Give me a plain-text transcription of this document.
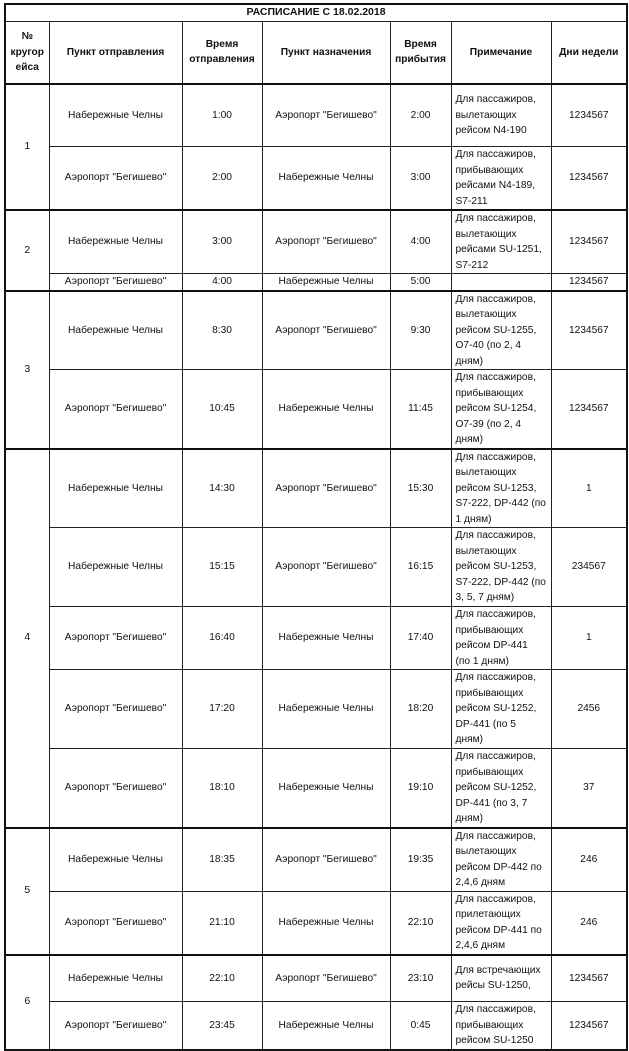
РАСПИСАНИЕ С 18.02.2018						
№
кругор
ейса	Пункт отправления	Время
отправления	Пункт назначения	Время
прибытия	Примечание	Дни недели
1	Набережные Челны	1:00	Аэропорт "Бегишево"	2:00	Для пассажиров,
вылетающих
рейсом N4-190	1234567
	Аэропорт "Бегишево"	2:00	Набережные Челны	3:00	Для пассажиров,
прибывающих
рейсами N4-189,
S7-211	1234567
2	Набережные Челны	3:00	Аэропорт "Бегишево"	4:00	Для пассажиров,
вылетающих
рейсами SU-1251,
S7-212	1234567
	Аэропорт "Бегишево"	4:00	Набережные Челны	5:00		1234567
3	Набережные Челны	8:30	Аэропорт "Бегишево"	9:30	Для пассажиров,
вылетающих
рейсом SU-1255,
O7-40 (по 2, 4
дням)	1234567
	Аэропорт "Бегишево"	10:45	Набережные Челны	11:45	Для пассажиров,
прибывающих
рейсом SU-1254,
O7-39 (по 2, 4
дням)	1234567
4	Набережные Челны	14:30	Аэропорт "Бегишево"	15:30	Для пассажиров,
вылетающих
рейсом SU-1253,
S7-222, DP-442 (по
1 дням)	1
	Набережные Челны	15:15	Аэропорт "Бегишево"	16:15	Для пассажиров,
вылетающих
рейсом SU-1253,
S7-222, DP-442 (по
3, 5, 7 дням)	234567
	Аэропорт "Бегишево"	16:40	Набережные Челны	17:40	Для пассажиров,
прибывающих
рейсом DP-441
(по 1 дням)	1
	Аэропорт "Бегишево"	17:20	Набережные Челны	18:20	Для пассажиров,
прибывающих
рейсом SU-1252,
DP-441 (по 5
дням)	2456
	Аэропорт "Бегишево"	18:10	Набережные Челны	19:10	Для пассажиров,
прибывающих
рейсом SU-1252,
DP-441 (по 3, 7
дням)	37
5	Набережные Челны	18:35	Аэропорт "Бегишево"	19:35	Для пассажиров,
вылетающих
рейсом DP-442 по
2,4,6 дням	246
	Аэропорт "Бегишево"	21:10	Набережные Челны	22:10	Для пассажиров,
прилетающих
рейсом DP-441 по
2,4,6 дням	246
6	Набережные Челны	22:10	Аэропорт "Бегишево"	23:10	Для встречающих
рейсы SU-1250,	1234567
	Аэропорт "Бегишево"	23:45	Набережные Челны	0:45	Для пассажиров,
прибывающих
рейсом SU-1250	1234567
